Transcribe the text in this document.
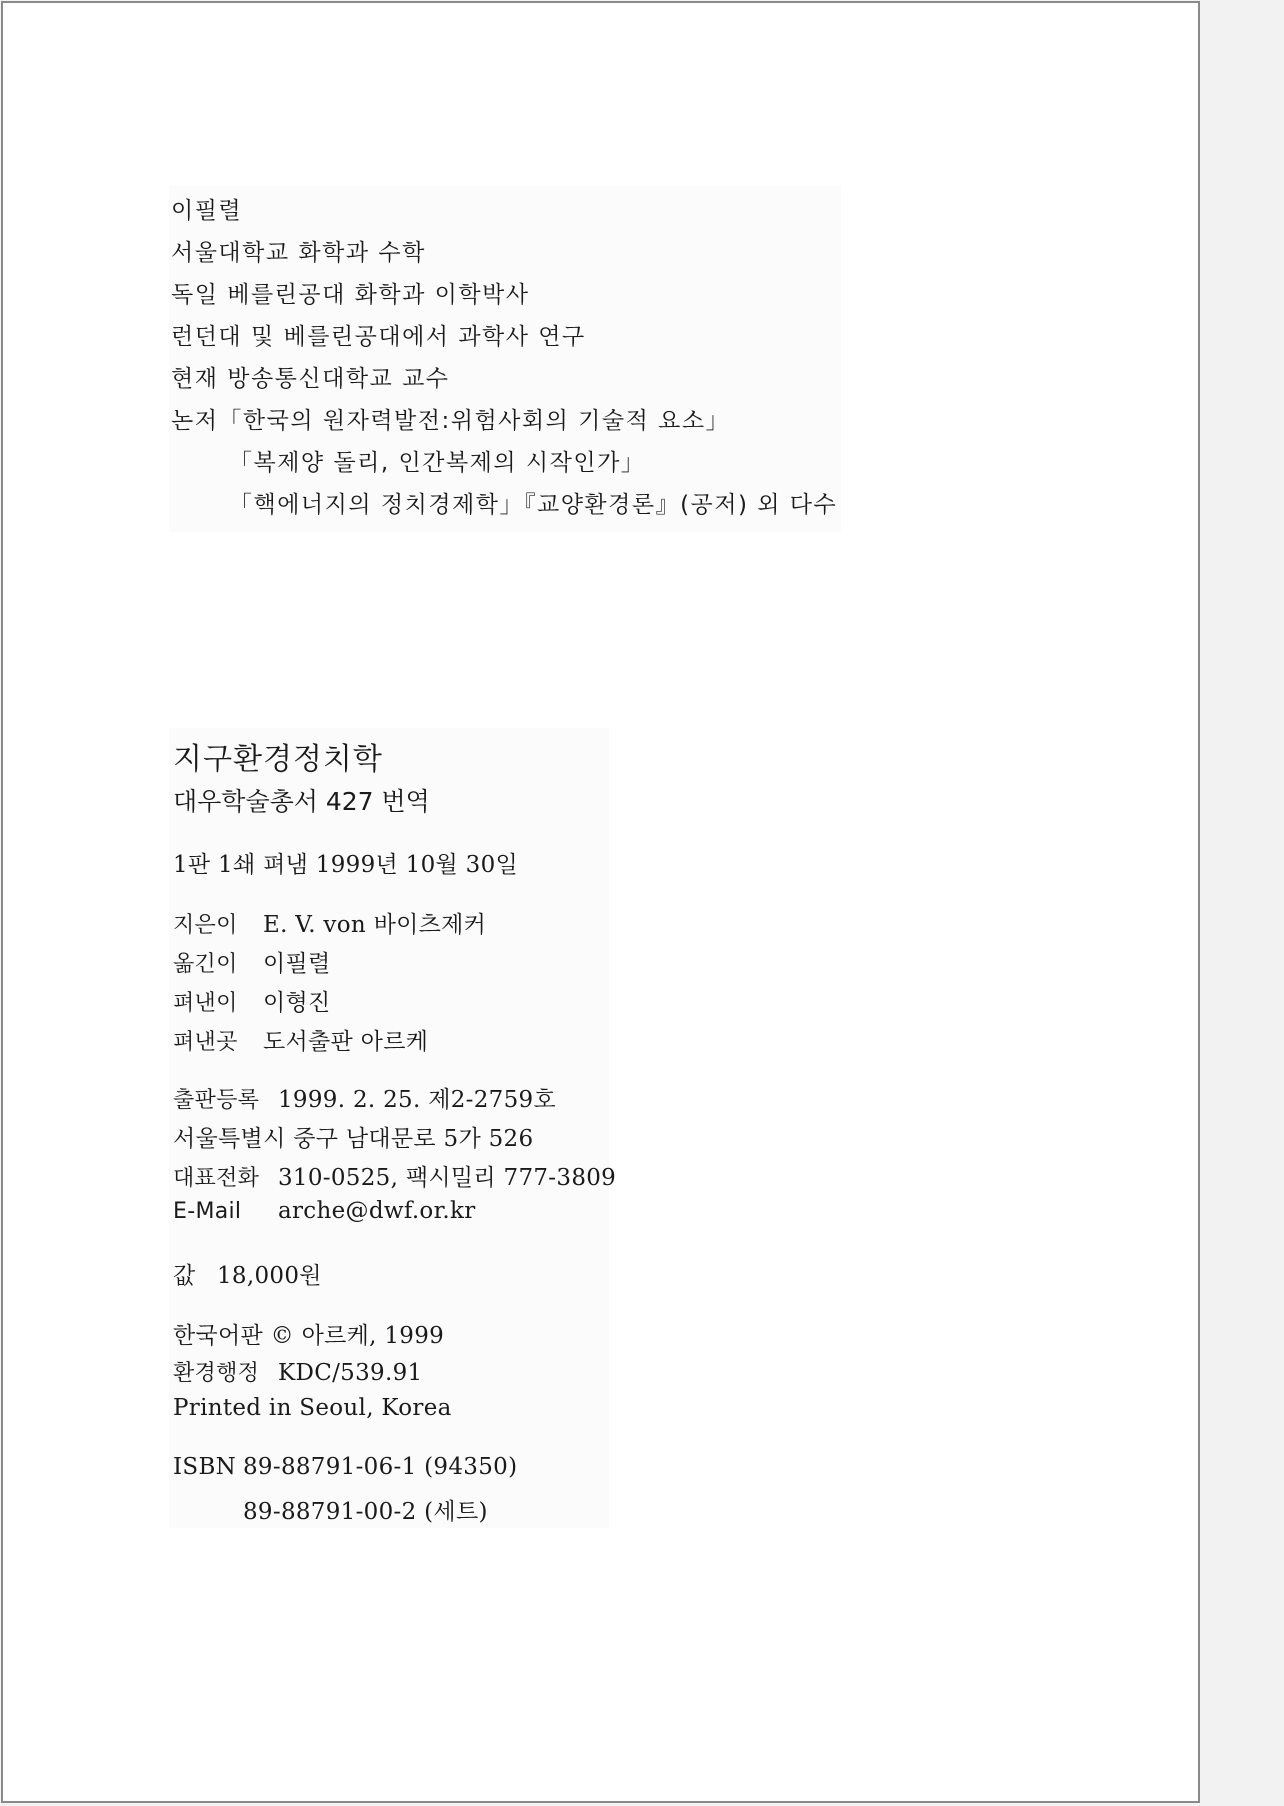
이필렬
서울대학교 화학과 수학
독일 베를린공대 화학과 이학박사
런던대 및 베를린공대에서 과학사 연구
현재 방송통신대학교 교수
논저「한국의 원자력발전:위험사회의 기술적 요소」
「복제양 돌리, 인간복제의 시작인가」
「핵에너지의 정치경제학」『교양환경론』(공저) 외 다수
지구환경정치학
대우학술총서 427 번역
1판 1쇄 펴냄 1999년 10월 30일
지은이 E. V. von 바이츠제커
옮긴이 이필렬
펴낸이 이형진
펴낸곳 도서출판 아르케
출판등록 1999. 2. 25. 제2-2759호
서울특별시 중구 남대문로 5가 526
대표전화 310-0525, 팩시밀리 777-3809
E-Mail arche@dwf.or.kr
값 18,000원
한국어판 © 아르케, 1999
환경행정 KDC/539.91
Printed in Seoul, Korea
ISBN 89-88791-06-1 (94350)
89-88791-00-2 (세트)
